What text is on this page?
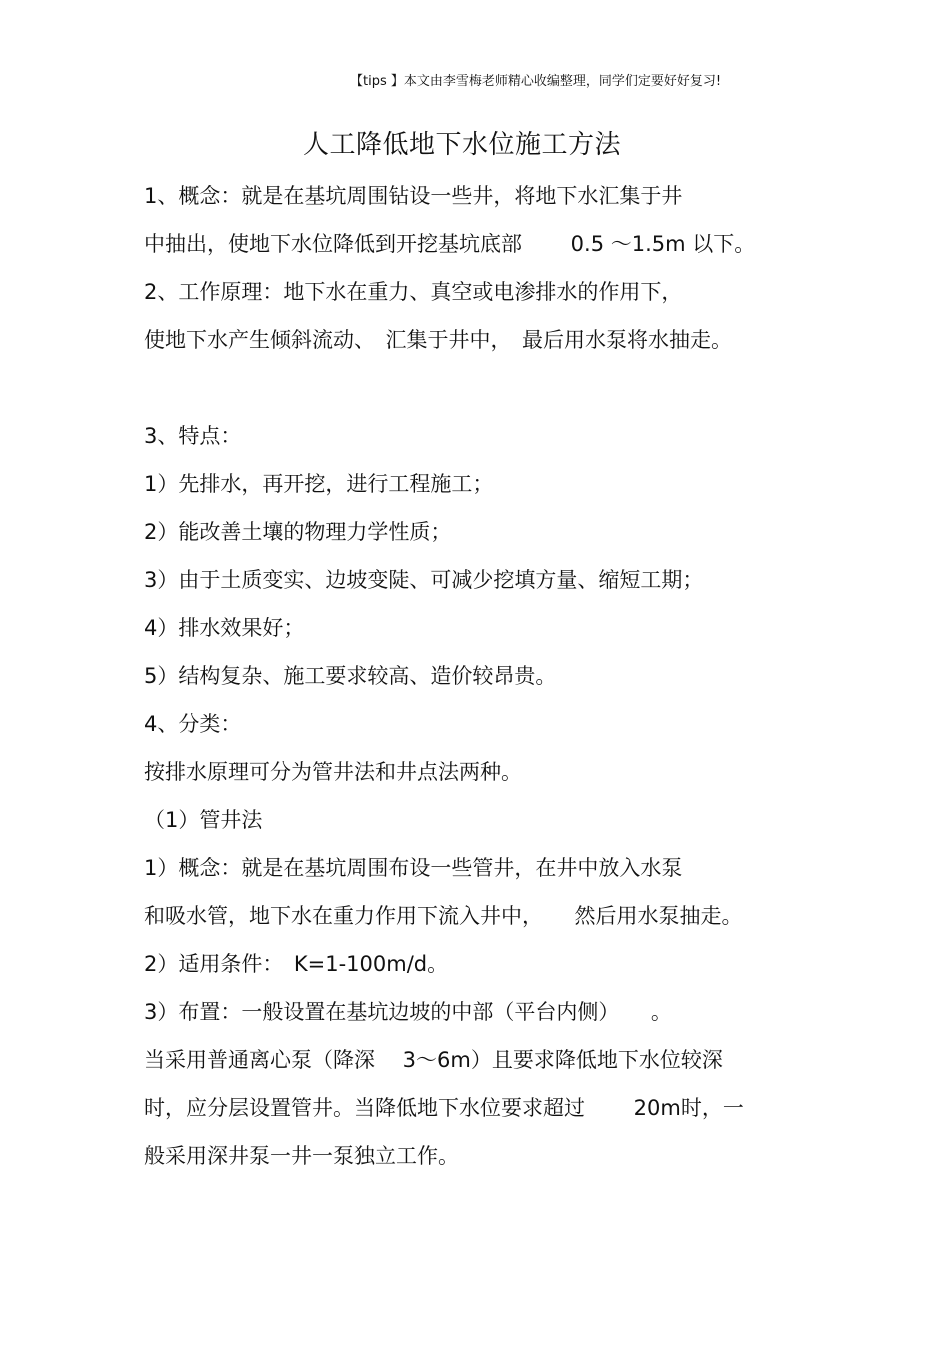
【tips 】本文由李雪梅老师精心收编整理，同学们定要好好复习!
人工降低地下水位施工方法
1、概念：就是在基坑周围钻设一些井，将地下水汇集于井
中抽出，使地下水位降低到开挖基坑底部　　 0.5 ～1.5m 以下。
2、工作原理：地下水在重力、真空或电渗排水的作用下，
使地下水产生倾斜流动、　汇集于井中，　最后用水泵将水抽走。
3、特点：
1）先排水，再开挖，进行工程施工；
2）能改善土壤的物理力学性质；
3）由于土质变实、边坡变陡、可减少挖填方量、缩短工期；
4）排水效果好；
5）结构复杂、施工要求较高、造价较昂贵。
4、分类：
按排水原理可分为管井法和井点法两种。
（1）管井法
1）概念：就是在基坑周围布设一些管井，在井中放入水泵
和吸水管，地下水在重力作用下流入井中，　　然后用水泵抽走。
2）适用条件：　K=1-100m/d。
3）布置：一般设置在基坑边坡的中部（平台内侧）　　。
当采用普通离心泵（降深　 3～6m）且要求降低地下水位较深
时，应分层设置管井。当降低地下水位要求超过　　 20m时，一
般采用深井泵一井一泵独立工作。
